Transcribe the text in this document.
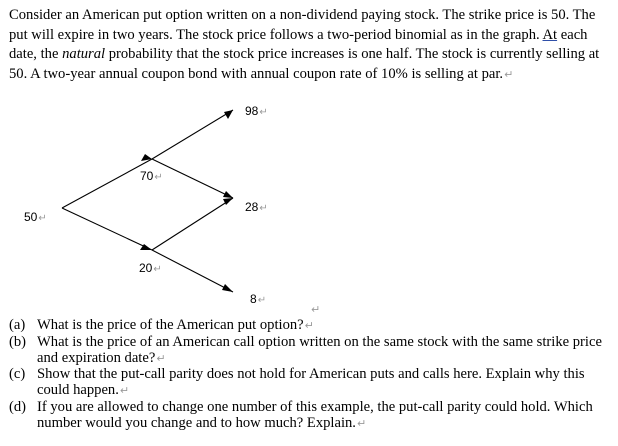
Consider an American put option written on a non-dividend paying stock. The strike price is 50. The put will expire in two years. The stock price follows a two-period binomial as in the graph. At each date, the natural probability that the stock price increases is one half. The stock is currently selling at 50. A two-year annual coupon bond with annual coupon rate of 10% is selling at par.↵
50↵
70↵
20↵
98↵
28↵
8↵
↵

(a) What is the price of the American put option?↵

(b) What is the price of an American call option written on the same stock with the same strike price and expiration date?↵

(c) Show that the put-call parity does not hold for American puts and calls here. Explain why this could happen.↵

(d) If you are allowed to change one number of this example, the put-call parity could hold. Which number would you change and to how much? Explain.↵
